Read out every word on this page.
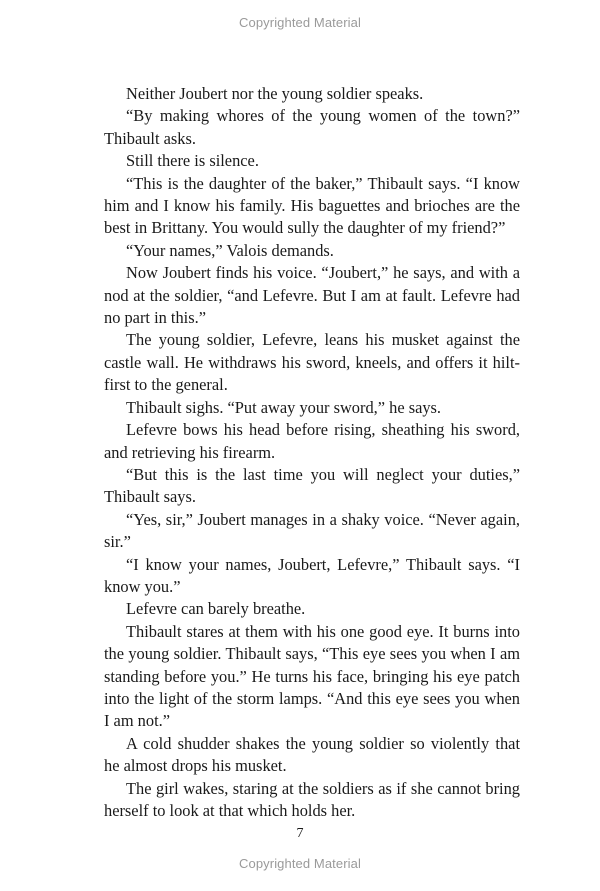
Copyrighted Material

Neither Joubert nor the young soldier speaks.

“By making whores of the young women of the town?” Thibault asks.

Still there is silence.

“This is the daughter of the baker,” Thibault says. “I know him and I know his family. His baguettes and brioches are the best in Brittany. You would sully the daughter of my friend?”

“Your names,” Valois demands.

Now Joubert finds his voice. “Joubert,” he says, and with a nod at the soldier, “and Lefevre. But I am at fault. Lefevre had no part in this.”

The young soldier, Lefevre, leans his musket against the castle wall. He withdraws his sword, kneels, and offers it hilt-first to the general.

Thibault sighs. “Put away your sword,” he says.

Lefevre bows his head before rising, sheathing his sword, and retrieving his firearm.

“But this is the last time you will neglect your duties,” Thibault says.

“Yes, sir,” Joubert manages in a shaky voice. “Never again, sir.”

“I know your names, Joubert, Lefevre,” Thibault says. “I know you.”

Lefevre can barely breathe.

Thibault stares at them with his one good eye. It burns into the young soldier. Thibault says, “This eye sees you when I am standing before you.” He turns his face, bringing his eye patch into the light of the storm lamps. “And this eye sees you when I am not.”

A cold shudder shakes the young soldier so violently that he almost drops his musket.

The girl wakes, staring at the soldiers as if she cannot bring herself to look at that which holds her.

7
Copyrighted Material
